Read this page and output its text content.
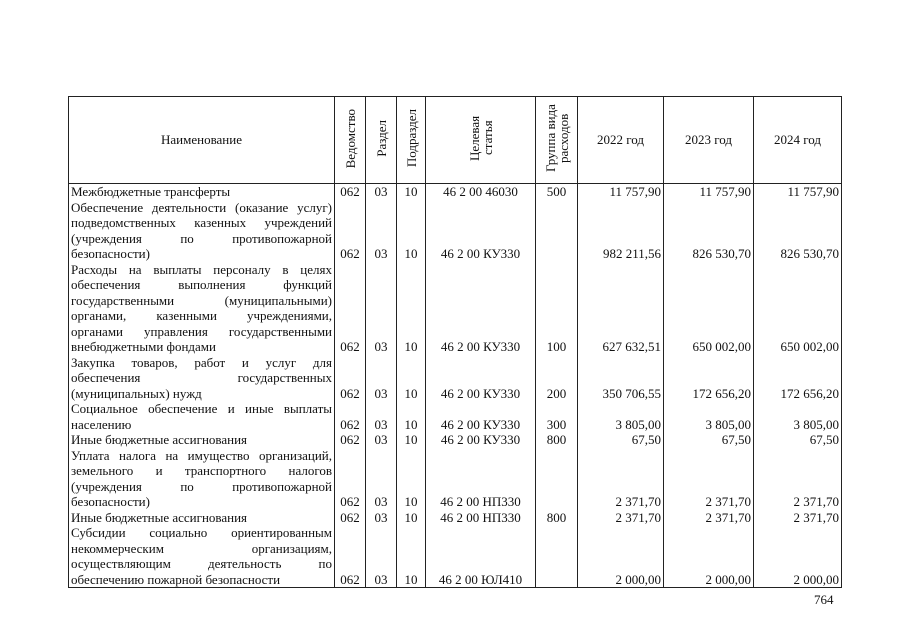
Наименование	Ведомство	Раздел	Подраздел	Целевая статья	Группа вида расходов	2022 год	2023 год	2024 год
Межбюджетные трансферты	062	03	10	46 2 00 46030	500	11 757,90	11 757,90	11 757,90
Обеспечение деятельности (оказание услуг) подведомственных казенных учреждений (учреждения по противопожарной безопасности)	062	03	10	46 2 00 КУ330		982 211,56	826 530,70	826 530,70
Расходы на выплаты персоналу в целях обеспечения выполнения функций государственными (муниципальными) органами, казенными учреждениями, органами управления государственными внебюджетными фондами	062	03	10	46 2 00 КУ330	100	627 632,51	650 002,00	650 002,00
Закупка товаров, работ и услуг для обеспечения государственных (муниципальных) нужд	062	03	10	46 2 00 КУ330	200	350 706,55	172 656,20	172 656,20
Социальное обеспечение и иные выплаты населению	062	03	10	46 2 00 КУ330	300	3 805,00	3 805,00	3 805,00
Иные бюджетные ассигнования	062	03	10	46 2 00 КУ330	800	67,50	67,50	67,50
Уплата налога на имущество организаций, земельного и транспортного налогов (учреждения по противопожарной безопасности)	062	03	10	46 2 00 НП330		2 371,70	2 371,70	2 371,70
Иные бюджетные ассигнования	062	03	10	46 2 00 НП330	800	2 371,70	2 371,70	2 371,70
Субсидии социально ориентированным некоммерческим организациям, осуществляющим деятельность по обеспечению пожарной безопасности	062	03	10	46 2 00 ЮЛ410		2 000,00	2 000,00	2 000,00
764
